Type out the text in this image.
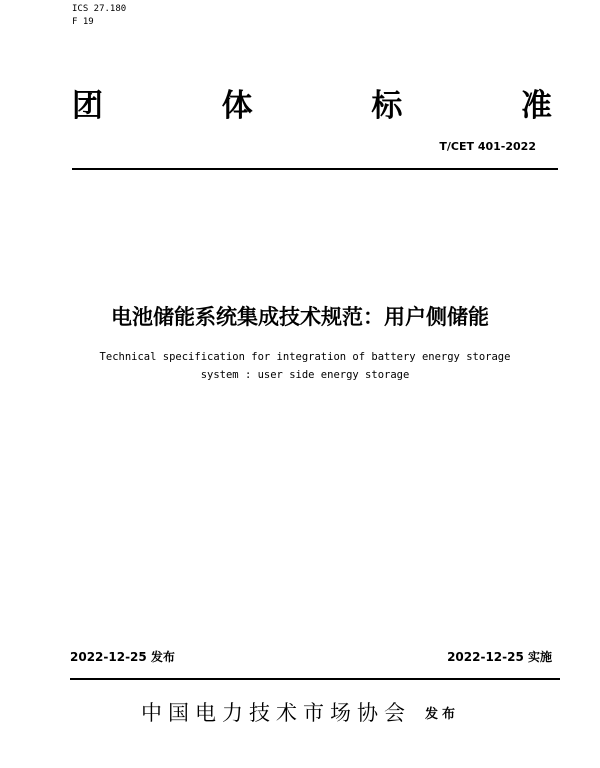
ICS 27.180
F 19
团	体	标	准
T/CET 401-2022
电池储能系统集成技术规范：用户侧储能
Technical specification for integration of battery energy storage
system : user side energy storage
2022-12-25 发布	2022-12-25 实施
中国电力技术市场协会 发布
